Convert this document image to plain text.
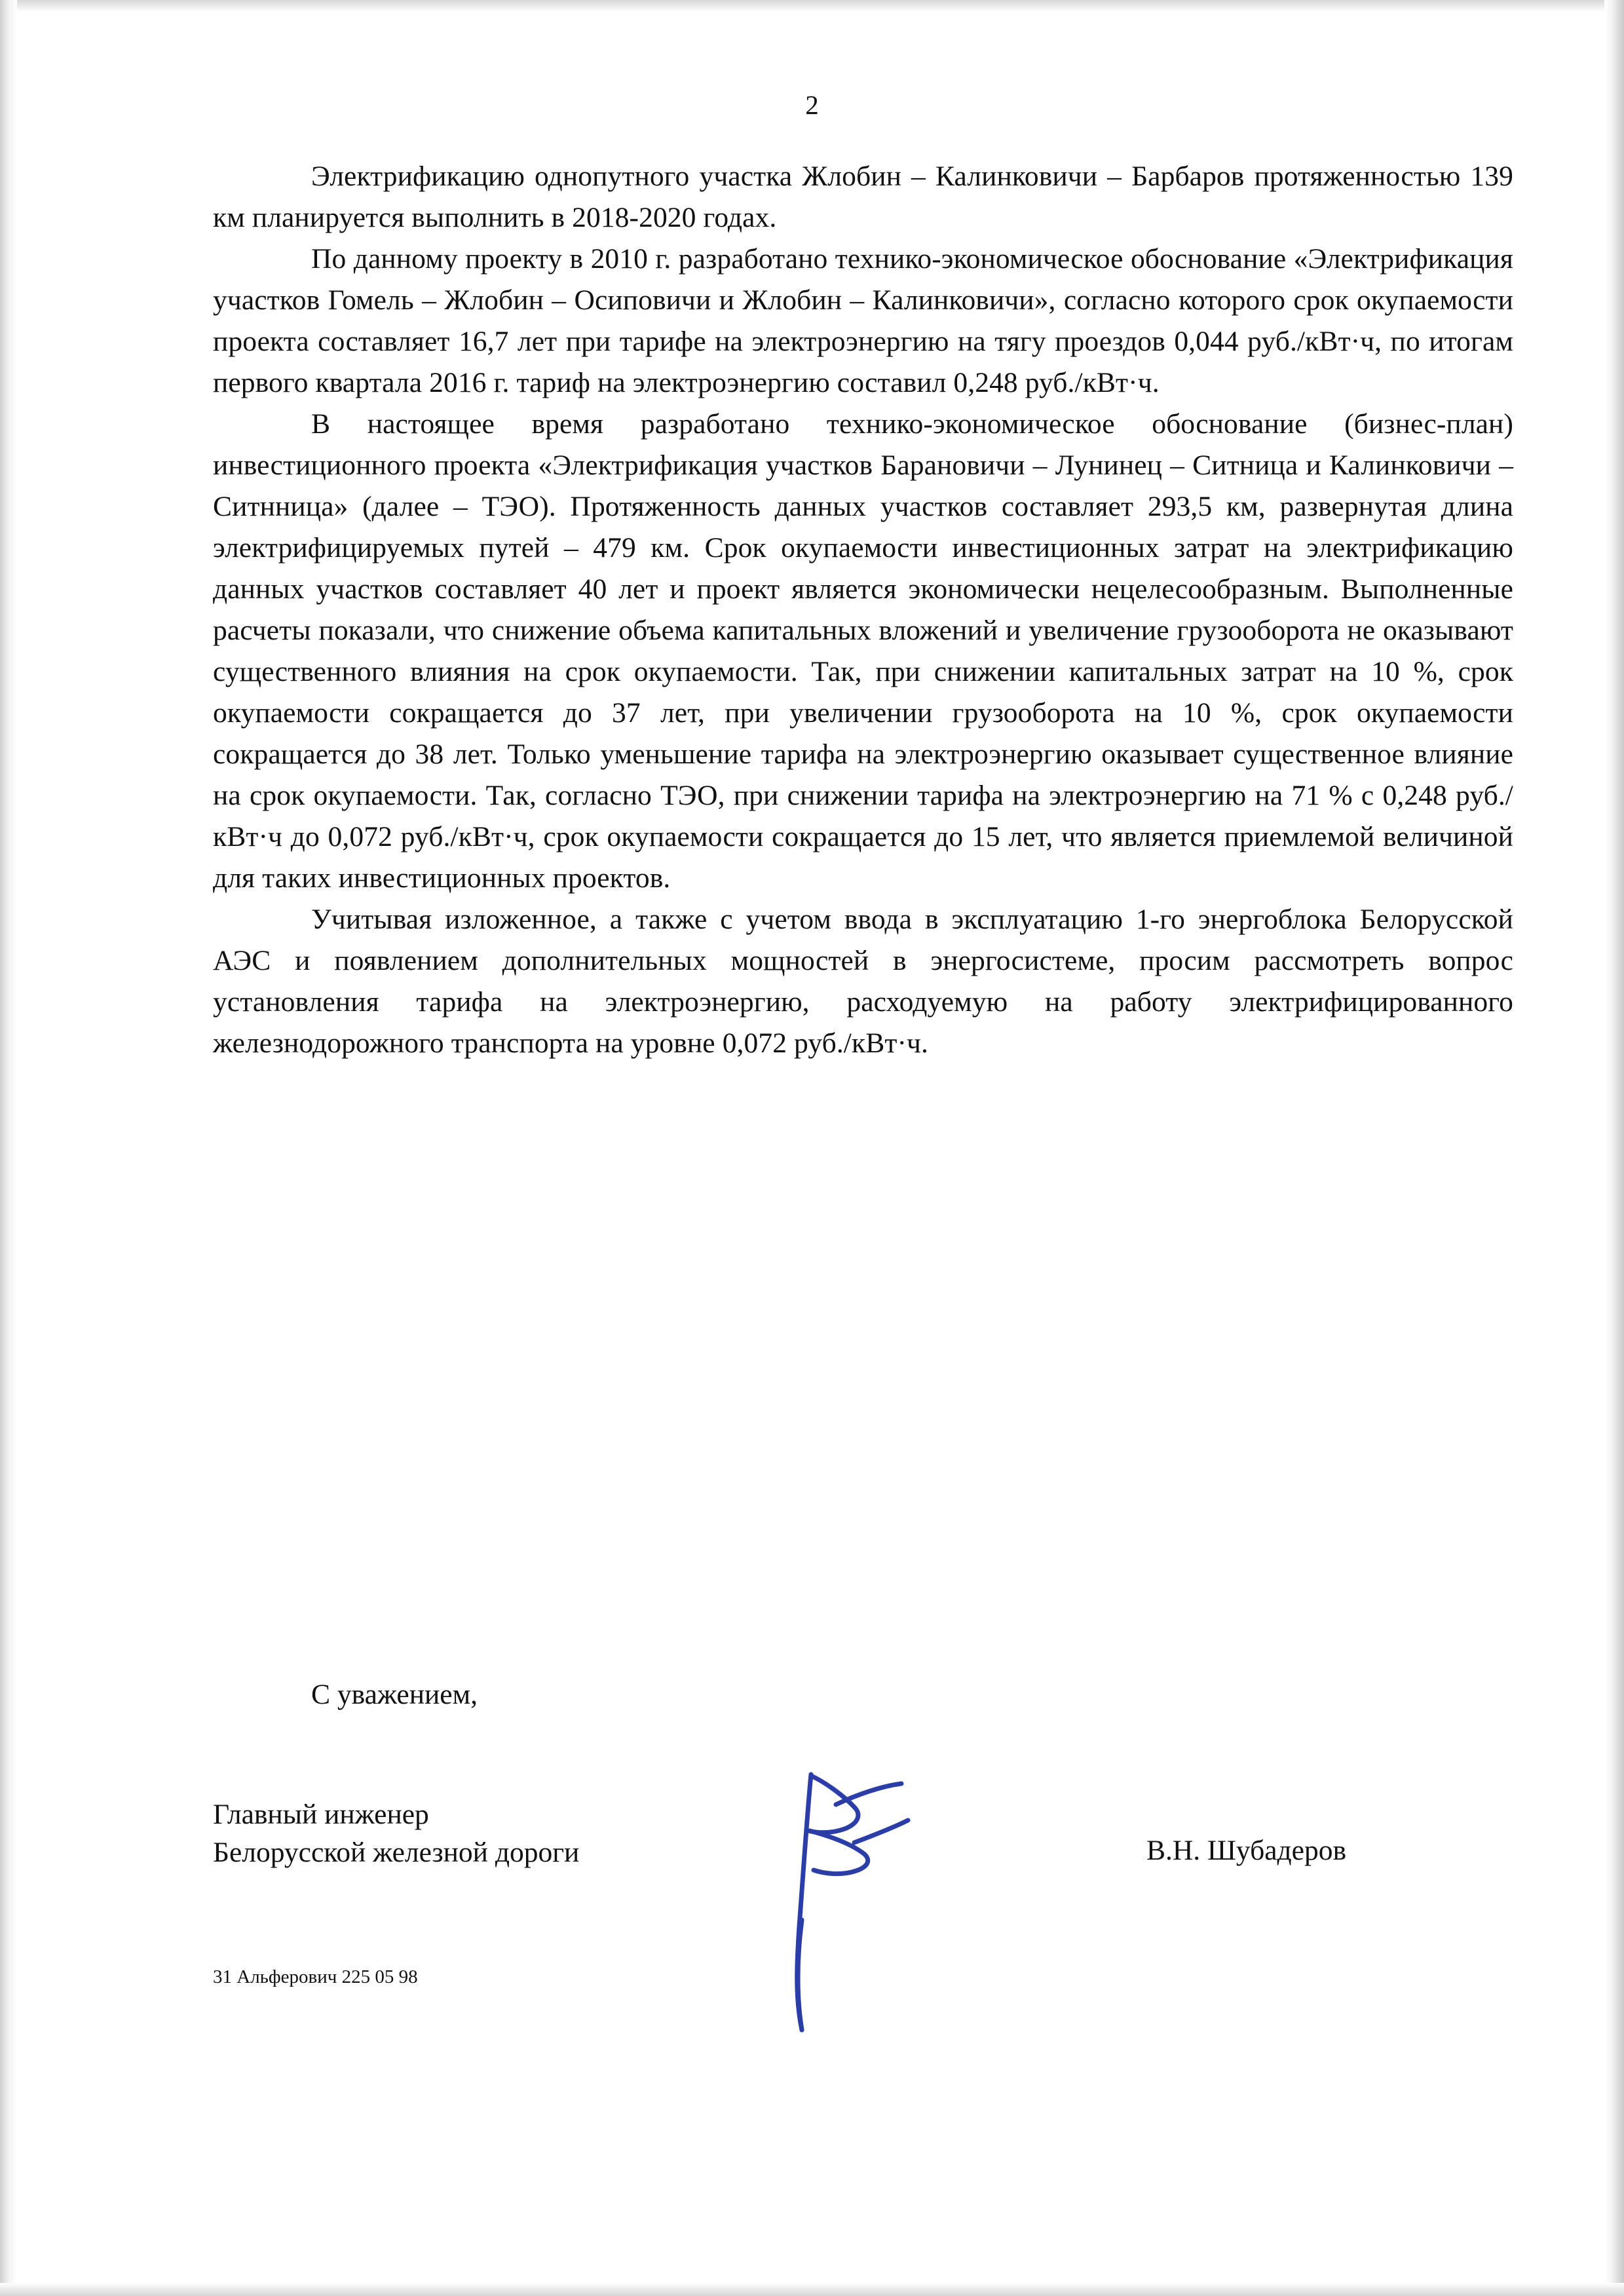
2

Электрификацию однопутного участка Жлобин – Калинковичи – Барбаров протяженностью 139 км планируется выполнить в 2018-2020 годах.

По данному проекту в 2010 г. разработано технико-экономическое обоснование «Электрификация участков Гомель – Жлобин – Осиповичи и Жлобин – Калинковичи», согласно которого срок окупаемости проекта составляет 16,7 лет при тарифе на электроэнергию на тягу проездов 0,044 руб./кВт·ч, по итогам первого квартала 2016 г. тариф на электроэнергию составил 0,248 руб./кВт·ч.

В настоящее время разработано технико-экономическое обоснование (бизнес-план) инвестиционного проекта «Электрификация участков Барановичи – Лунинец – Ситница и Калинковичи – Ситнница» (далее – ТЭО). Протяженность данных участков составляет 293,5 км, развернутая длина электрифицируемых путей – 479 км. Срок окупаемости инвестиционных затрат на электрификацию данных участков составляет 40 лет и проект является экономически нецелесообразным. Выполненные расчеты показали, что снижение объема капитальных вложений и увеличение грузооборота не оказывают существенного влияния на срок окупаемости. Так, при снижении капитальных затрат на 10 %, срок окупаемости сокращается до 37 лет, при увеличении грузооборота на 10 %, срок окупаемости сокращается до 38 лет. Только уменьшение тарифа на электроэнергию оказывает существенное влияние на срок окупаемости. Так, согласно ТЭО, при снижении тарифа на электроэнергию на 71 % с 0,248 руб./кВт·ч до 0,072 руб./кВт·ч, срок окупаемости сокращается до 15 лет, что является приемлемой величиной для таких инвестиционных проектов.

Учитывая изложенное, а также с учетом ввода в эксплуатацию 1-го энергоблока Белорусской АЭС и появлением дополнительных мощностей в энергосистеме, просим рассмотреть вопрос установления тарифа на электроэнергию, расходуемую на работу электрифицированного железнодорожного транспорта на уровне 0,072 руб./кВт·ч.

С уважением,
Главный инженер
Белорусской железной дороги	В.Н. Шубадеров
31 Альферович 225 05 98
